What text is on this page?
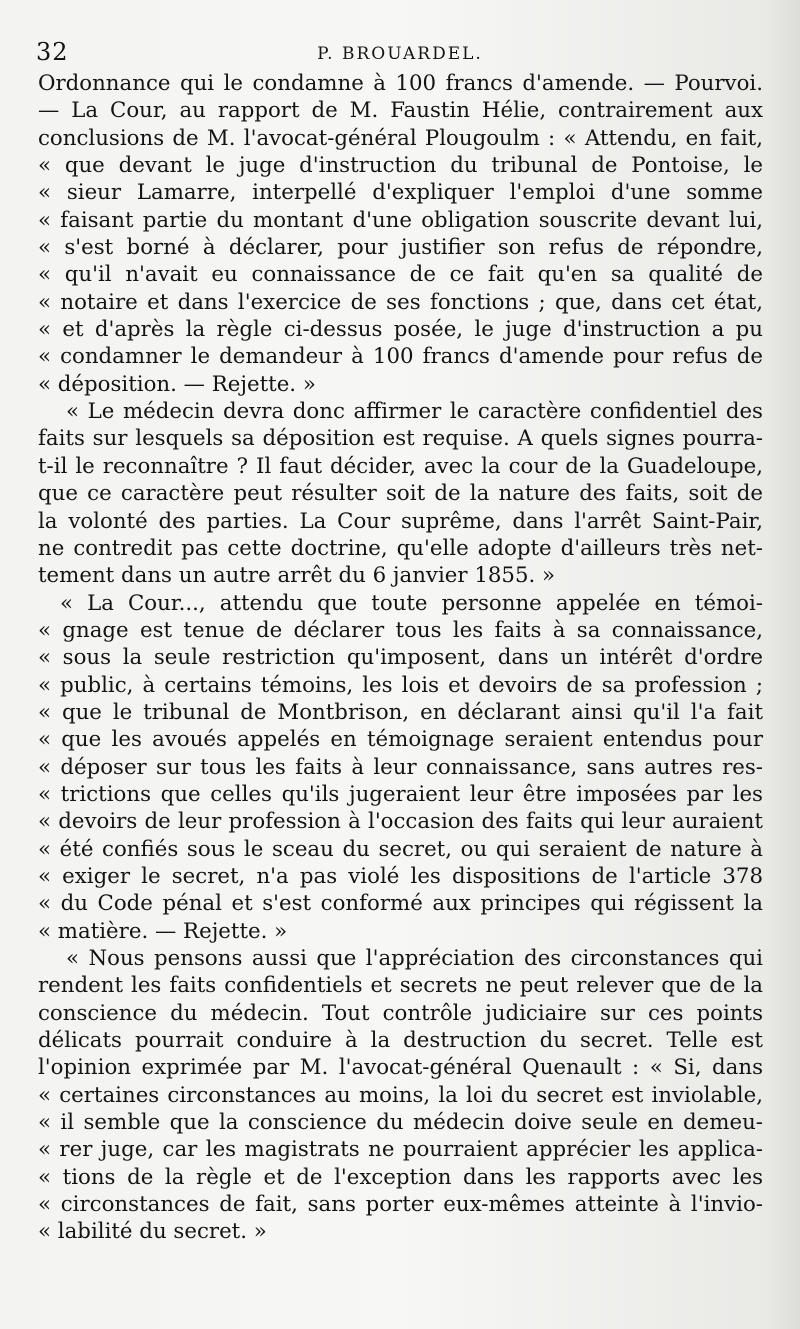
32	P. BROUARDEL.
Ordonnance qui le condamne à 100 francs d'amende. — Pourvoi.
— La Cour, au rapport de M. Faustin Hélie, contrairement aux
conclusions de M. l'avocat-général Plougoulm : « Attendu, en fait,
« que devant le juge d'instruction du tribunal de Pontoise, le
« sieur Lamarre, interpellé d'expliquer l'emploi d'une somme
« faisant partie du montant d'une obligation souscrite devant lui,
« s'est borné à déclarer, pour justifier son refus de répondre,
« qu'il n'avait eu connaissance de ce fait qu'en sa qualité de
« notaire et dans l'exercice de ses fonctions ; que, dans cet état,
« et d'après la règle ci-dessus posée, le juge d'instruction a pu
« condamner le demandeur à 100 francs d'amende pour refus de
« déposition. — Rejette. »
« Le médecin devra donc affirmer le caractère confidentiel des
faits sur lesquels sa déposition est requise. A quels signes pourra-
t-il le reconnaître ? Il faut décider, avec la cour de la Guadeloupe,
que ce caractère peut résulter soit de la nature des faits, soit de
la volonté des parties. La Cour suprême, dans l'arrêt Saint-Pair,
ne contredit pas cette doctrine, qu'elle adopte d'ailleurs très net-
tement dans un autre arrêt du 6 janvier 1855. »
« La Cour..., attendu que toute personne appelée en témoi-
« gnage est tenue de déclarer tous les faits à sa connaissance,
« sous la seule restriction qu'imposent, dans un intérêt d'ordre
« public, à certains témoins, les lois et devoirs de sa profession ;
« que le tribunal de Montbrison, en déclarant ainsi qu'il l'a fait
« que les avoués appelés en témoignage seraient entendus pour
« déposer sur tous les faits à leur connaissance, sans autres res-
« trictions que celles qu'ils jugeraient leur être imposées par les
« devoirs de leur profession à l'occasion des faits qui leur auraient
« été confiés sous le sceau du secret, ou qui seraient de nature à
« exiger le secret, n'a pas violé les dispositions de l'article 378
« du Code pénal et s'est conformé aux principes qui régissent la
« matière. — Rejette. »
« Nous pensons aussi que l'appréciation des circonstances qui
rendent les faits confidentiels et secrets ne peut relever que de la
conscience du médecin. Tout contrôle judiciaire sur ces points
délicats pourrait conduire à la destruction du secret. Telle est
l'opinion exprimée par M. l'avocat-général Quenault : « Si, dans
« certaines circonstances au moins, la loi du secret est inviolable,
« il semble que la conscience du médecin doive seule en demeu-
« rer juge, car les magistrats ne pourraient apprécier les applica-
« tions de la règle et de l'exception dans les rapports avec les
« circonstances de fait, sans porter eux-mêmes atteinte à l'invio-
« labilité du secret. »
